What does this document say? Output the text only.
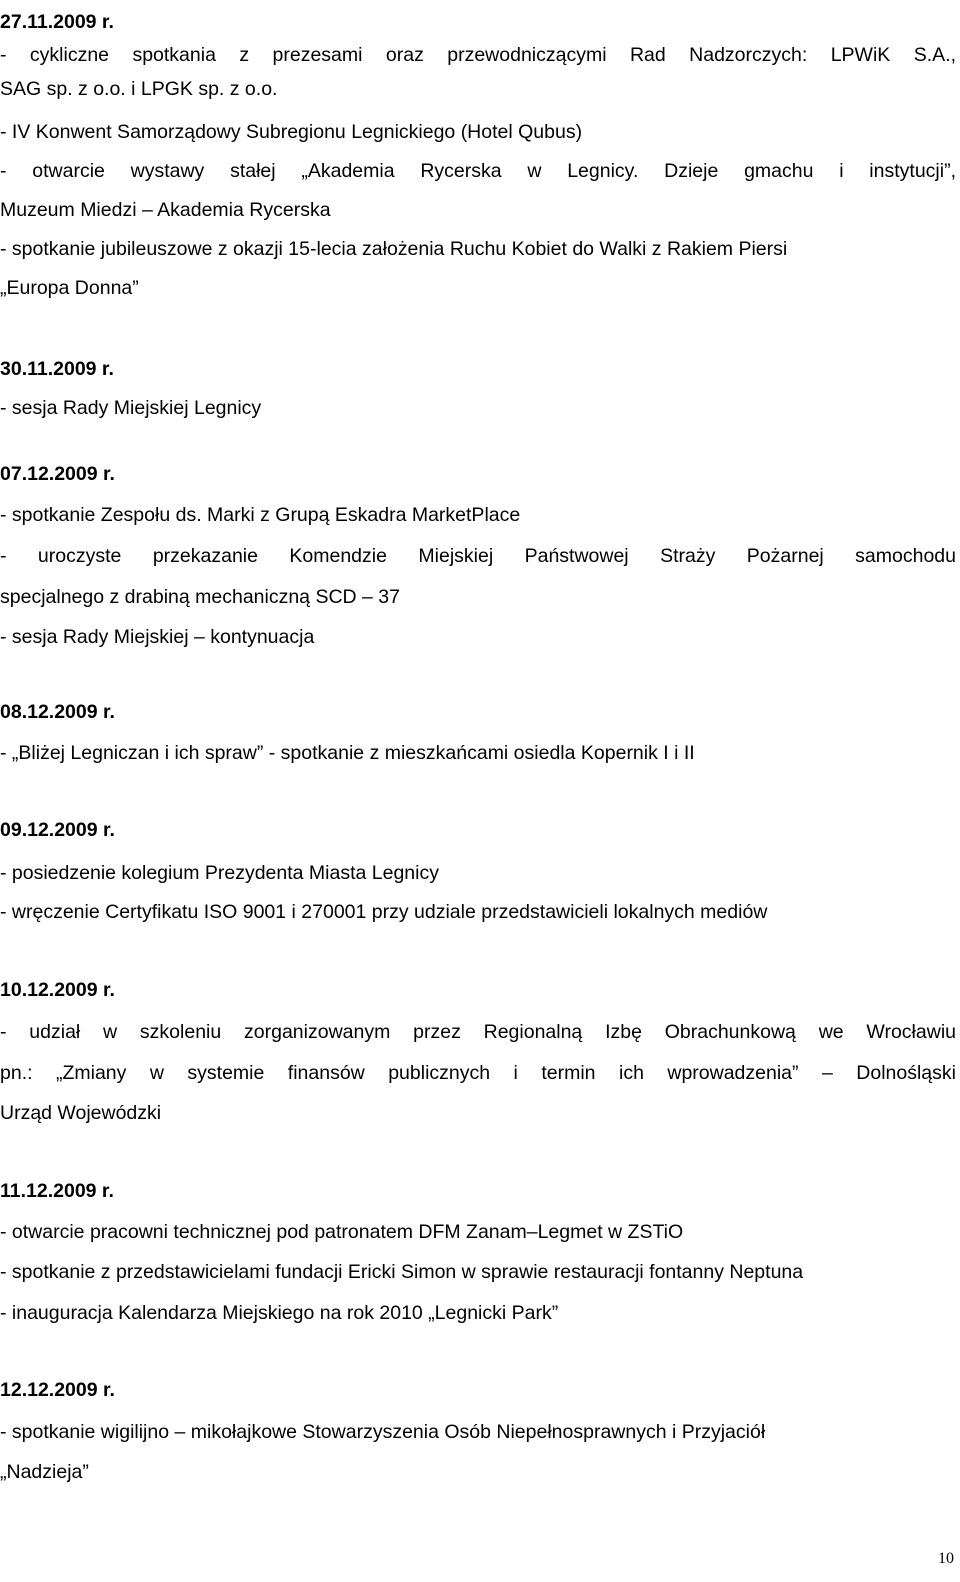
27.11.2009 r.
- cykliczne spotkania z prezesami oraz przewodniczącymi Rad Nadzorczych: LPWiK S.A.,
SAG sp. z o.o. i LPGK sp. z o.o.
- IV Konwent Samorządowy Subregionu Legnickiego (Hotel Qubus)
- otwarcie wystawy stałej „Akademia Rycerska w Legnicy. Dzieje gmachu i instytucji”,
Muzeum Miedzi – Akademia Rycerska
- spotkanie jubileuszowe z okazji 15-lecia założenia Ruchu Kobiet do Walki z Rakiem Piersi
„Europa Donna”
30.11.2009 r.
- sesja Rady Miejskiej Legnicy
07.12.2009 r.
- spotkanie Zespołu ds. Marki z Grupą Eskadra MarketPlace
- uroczyste przekazanie Komendzie Miejskiej Państwowej Straży Pożarnej samochodu
specjalnego z drabiną mechaniczną SCD – 37
- sesja Rady Miejskiej – kontynuacja
08.12.2009 r.
- „Bliżej Legniczan i ich spraw” - spotkanie z mieszkańcami osiedla Kopernik I i II
09.12.2009 r.
- posiedzenie kolegium Prezydenta Miasta Legnicy
- wręczenie Certyfikatu ISO 9001 i 270001 przy udziale przedstawicieli lokalnych mediów
10.12.2009 r.
- udział w szkoleniu zorganizowanym przez Regionalną Izbę Obrachunkową we Wrocławiu
pn.: „Zmiany w systemie finansów publicznych i termin ich wprowadzenia” – Dolnośląski
Urząd Wojewódzki
11.12.2009 r.
- otwarcie pracowni technicznej pod patronatem DFM Zanam–Legmet w ZSTiO
- spotkanie z przedstawicielami fundacji Ericki Simon w sprawie restauracji fontanny Neptuna
- inauguracja Kalendarza Miejskiego na rok 2010 „Legnicki Park”
12.12.2009 r.
- spotkanie wigilijno – mikołajkowe Stowarzyszenia Osób Niepełnosprawnych i Przyjaciół
„Nadzieja”
10
